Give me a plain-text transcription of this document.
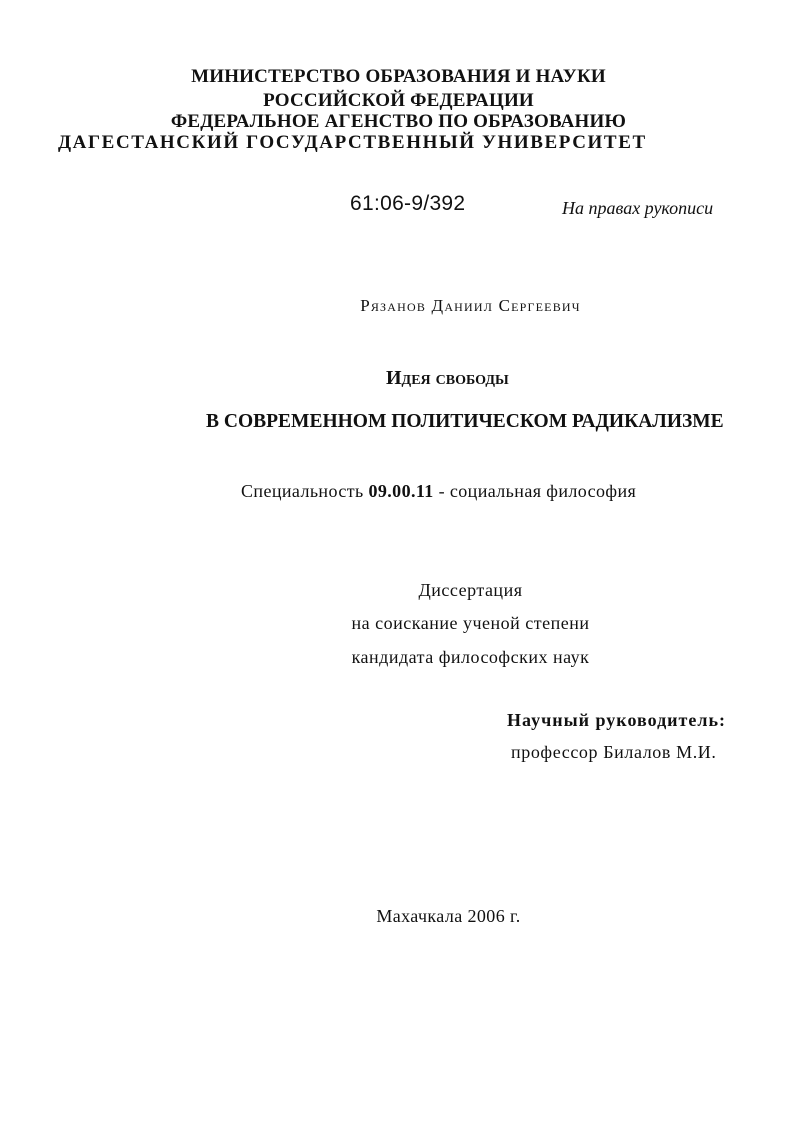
МИНИСТЕРСТВО ОБРАЗОВАНИЯ И НАУКИ
РОССИЙСКОЙ ФЕДЕРАЦИИ
ФЕДЕРАЛЬНОЕ АГЕНСТВО ПО ОБРАЗОВАНИЮ
ДАГЕСТАНСКИЙ ГОСУДАРСТВЕННЫЙ УНИВЕРСИТЕТ
61:06-9/392	На правах рукописи
Рязанов Даниил Сергеевич
Идея свободы
В СОВРЕМЕННОМ ПОЛИТИЧЕСКОМ РАДИКАЛИЗМЕ
Специальность 09.00.11 - социальная философия
Диссертация
на соискание ученой степени
кандидата философских наук
Научный руководитель:
профессор Билалов М.И.
Махачкала 2006 г.
